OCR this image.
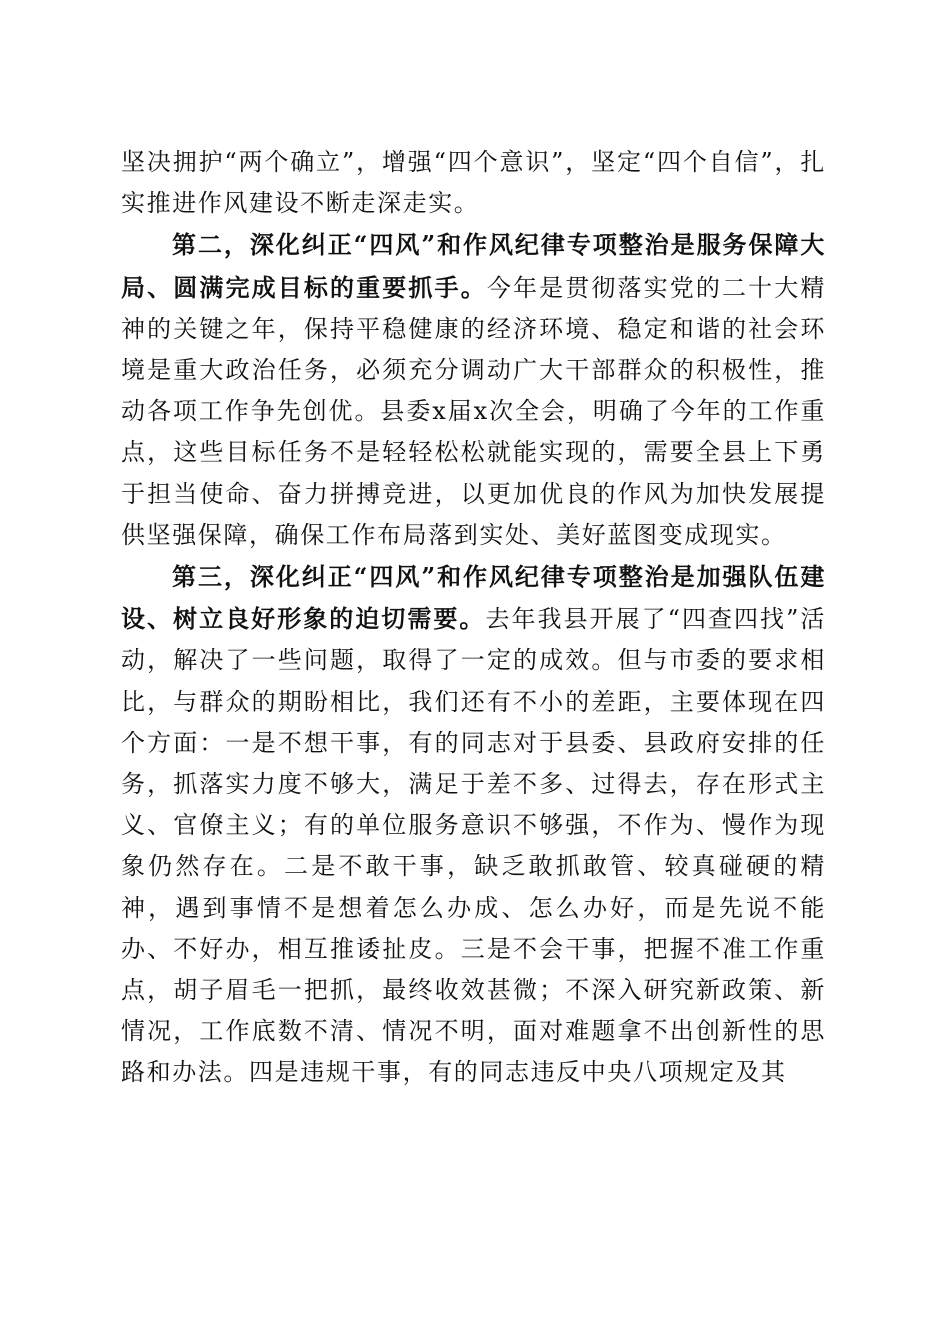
坚决拥护“两个确立”，增强“四个意识”，坚定“四个自信”，扎实推进作风建设不断走深走实。

第二，深化纠正“四风”和作风纪律专项整治是服务保障大局、圆满完成目标的重要抓手。今年是贯彻落实党的二十大精神的关键之年，保持平稳健康的经济环境、稳定和谐的社会环境是重大政治任务，必须充分调动广大干部群众的积极性，推动各项工作争先创优。县委x届x次全会，明确了今年的工作重点，这些目标任务不是轻轻松松就能实现的，需要全县上下勇于担当使命、奋力拼搏竞进，以更加优良的作风为加快发展提供坚强保障，确保工作布局落到实处、美好蓝图变成现实。

第三，深化纠正“四风”和作风纪律专项整治是加强队伍建设、树立良好形象的迫切需要。去年我县开展了“四查四找”活动，解决了一些问题，取得了一定的成效。但与市委的要求相比，与群众的期盼相比，我们还有不小的差距，主要体现在四个方面：一是不想干事，有的同志对于县委、县政府安排的任务，抓落实力度不够大，满足于差不多、过得去，存在形式主义、官僚主义；有的单位服务意识不够强，不作为、慢作为现象仍然存在。二是不敢干事，缺乏敢抓敢管、较真碰硬的精神，遇到事情不是想着怎么办成、怎么办好，而是先说不能办、不好办，相互推诿扯皮。三是不会干事，把握不准工作重点，胡子眉毛一把抓，最终收效甚微；不深入研究新政策、新情况，工作底数不清、情况不明，面对难题拿不出创新性的思路和办法。四是违规干事，有的同志违反中央八项规定及其
